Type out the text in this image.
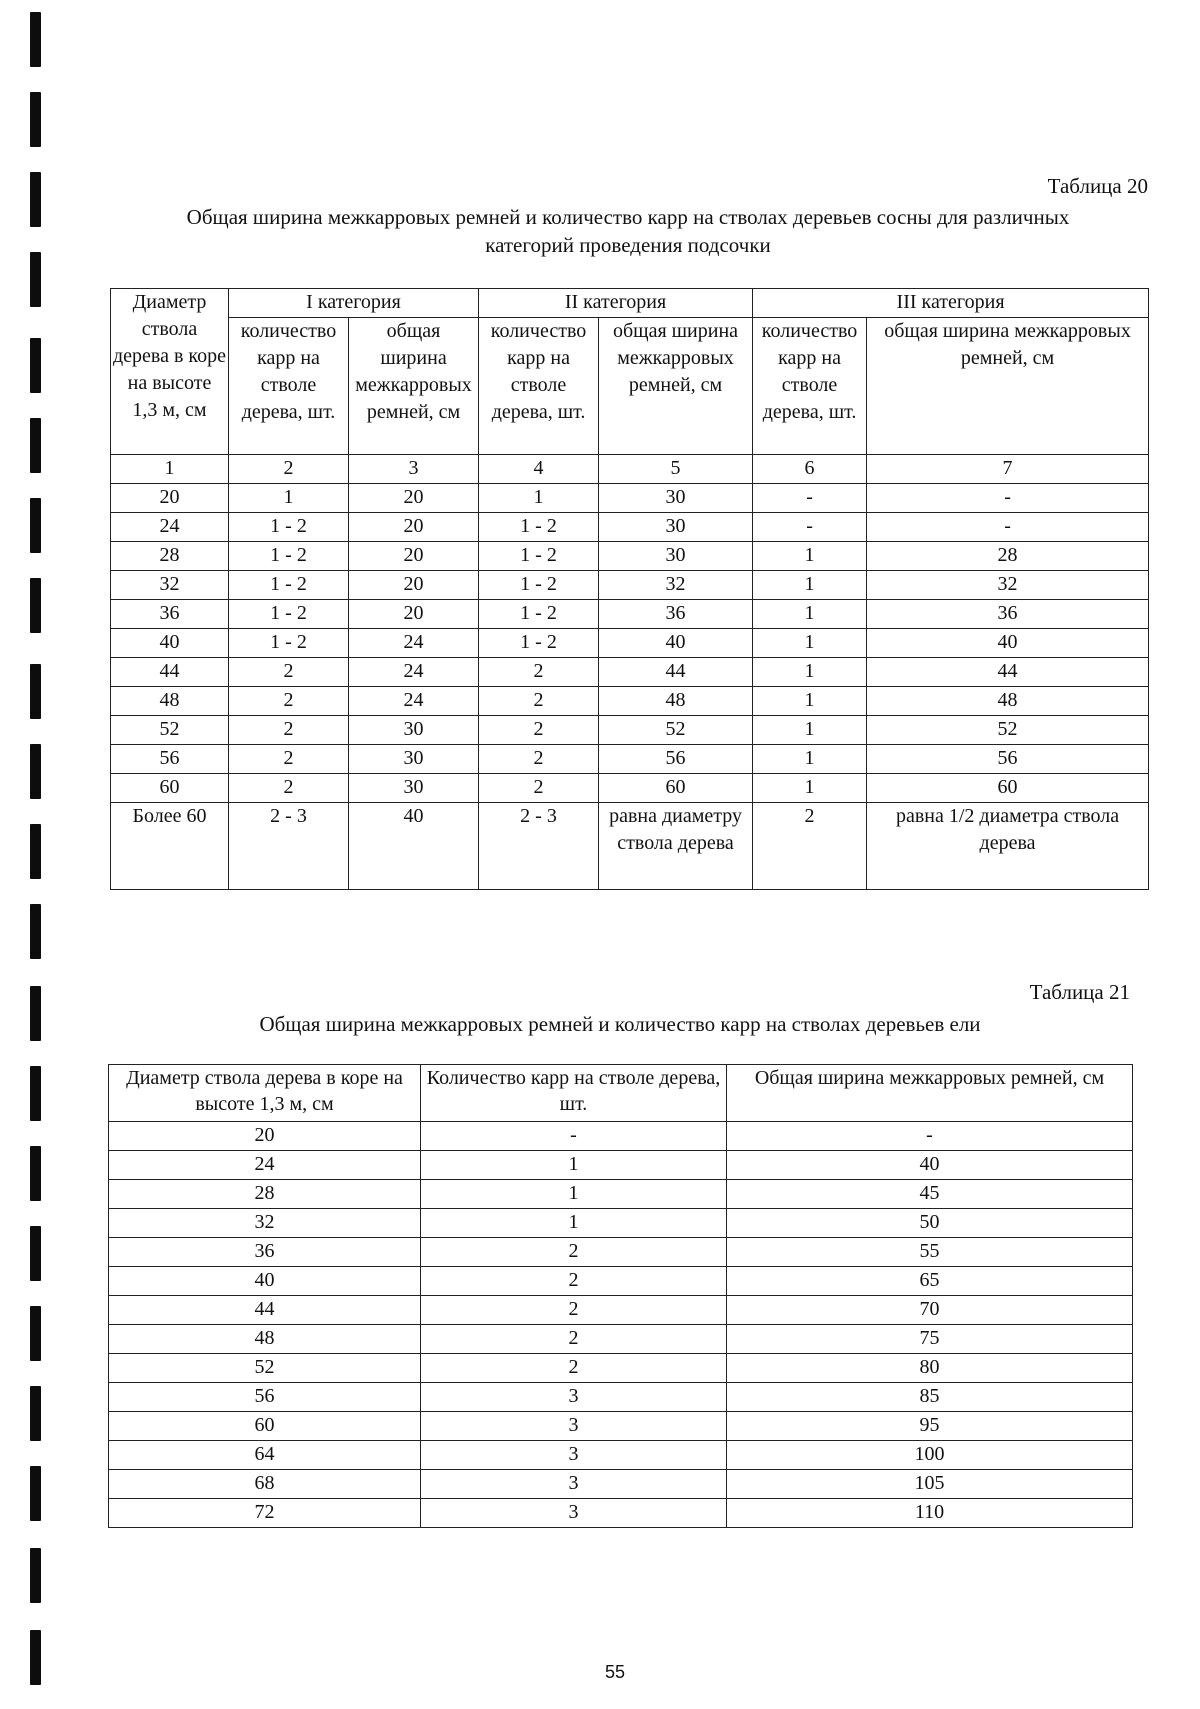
Таблица 20
Общая ширина межкарровых ремней и количество карр на стволах деревьев сосны для различных
категорий проведения подсочки
Диаметр ствола дерева в коре на высоте 1,3 м, см	I категория		II категория		III категория	
	количество карр на стволе дерева, шт.	общая ширина межкарровых ремней, см	количество карр на стволе дерева, шт.	общая ширина межкарровых ремней, см	количество карр на стволе дерева, шт.	общая ширина межкарровых ремней, см
1	2	3	4	5	6	7
20	1	20	1	30	-	-
24	1 - 2	20	1 - 2	30	-	-
28	1 - 2	20	1 - 2	30	1	28
32	1 - 2	20	1 - 2	32	1	32
36	1 - 2	20	1 - 2	36	1	36
40	1 - 2	24	1 - 2	40	1	40
44	2	24	2	44	1	44
48	2	24	2	48	1	48
52	2	30	2	52	1	52
56	2	30	2	56	1	56
60	2	30	2	60	1	60
Более 60	2 - 3	40	2 - 3	равна диаметру ствола дерева	2	равна 1/2 диаметра ствола дерева
Таблица 21
Общая ширина межкарровых ремней и количество карр на стволах деревьев ели
Диаметр ствола дерева в коре на высоте 1,3 м, см	Количество карр на стволе дерева, шт.	Общая ширина межкарровых ремней, см
20	-	-
24	1	40
28	1	45
32	1	50
36	2	55
40	2	65
44	2	70
48	2	75
52	2	80
56	3	85
60	3	95
64	3	100
68	3	105
72	3	110
55
